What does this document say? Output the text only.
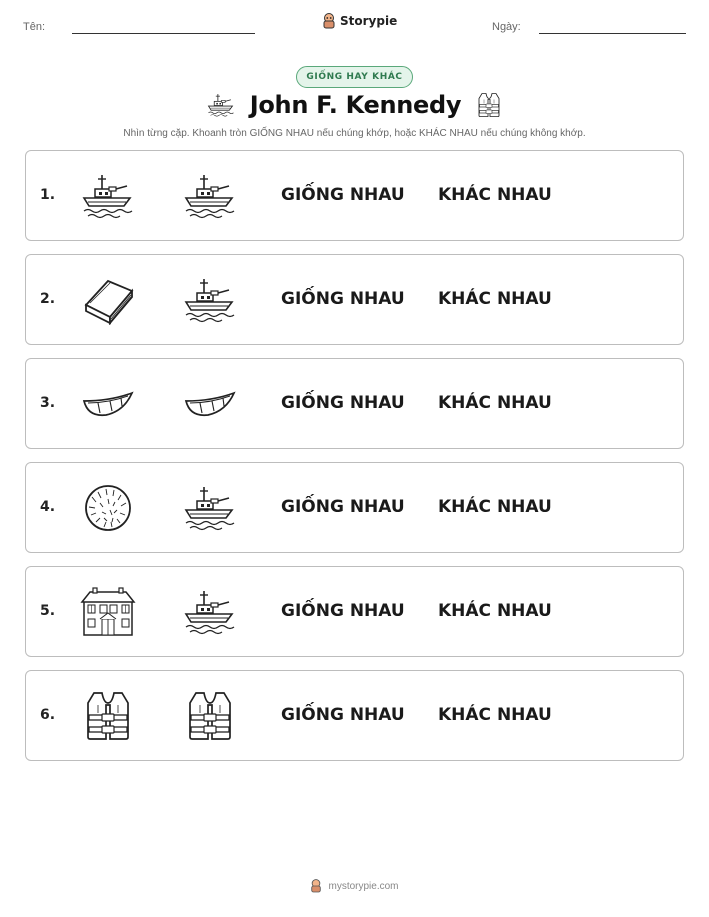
Tên:	Storypie	Ngày:
GIỐNG HAY KHÁC
John F. Kennedy
Nhìn từng cặp. Khoanh tròn GIỐNG NHAU nếu chúng khớp, hoặc KHÁC NHAU nếu chúng không khớp.
1.	GIỐNG NHAU KHÁC NHAU
2.	GIỐNG NHAU KHÁC NHAU
3.	GIỐNG NHAU KHÁC NHAU
4.	GIỐNG NHAU KHÁC NHAU
5.	GIỐNG NHAU KHÁC NHAU
6.	GIỐNG NHAU KHÁC NHAU
mystorypie.com
